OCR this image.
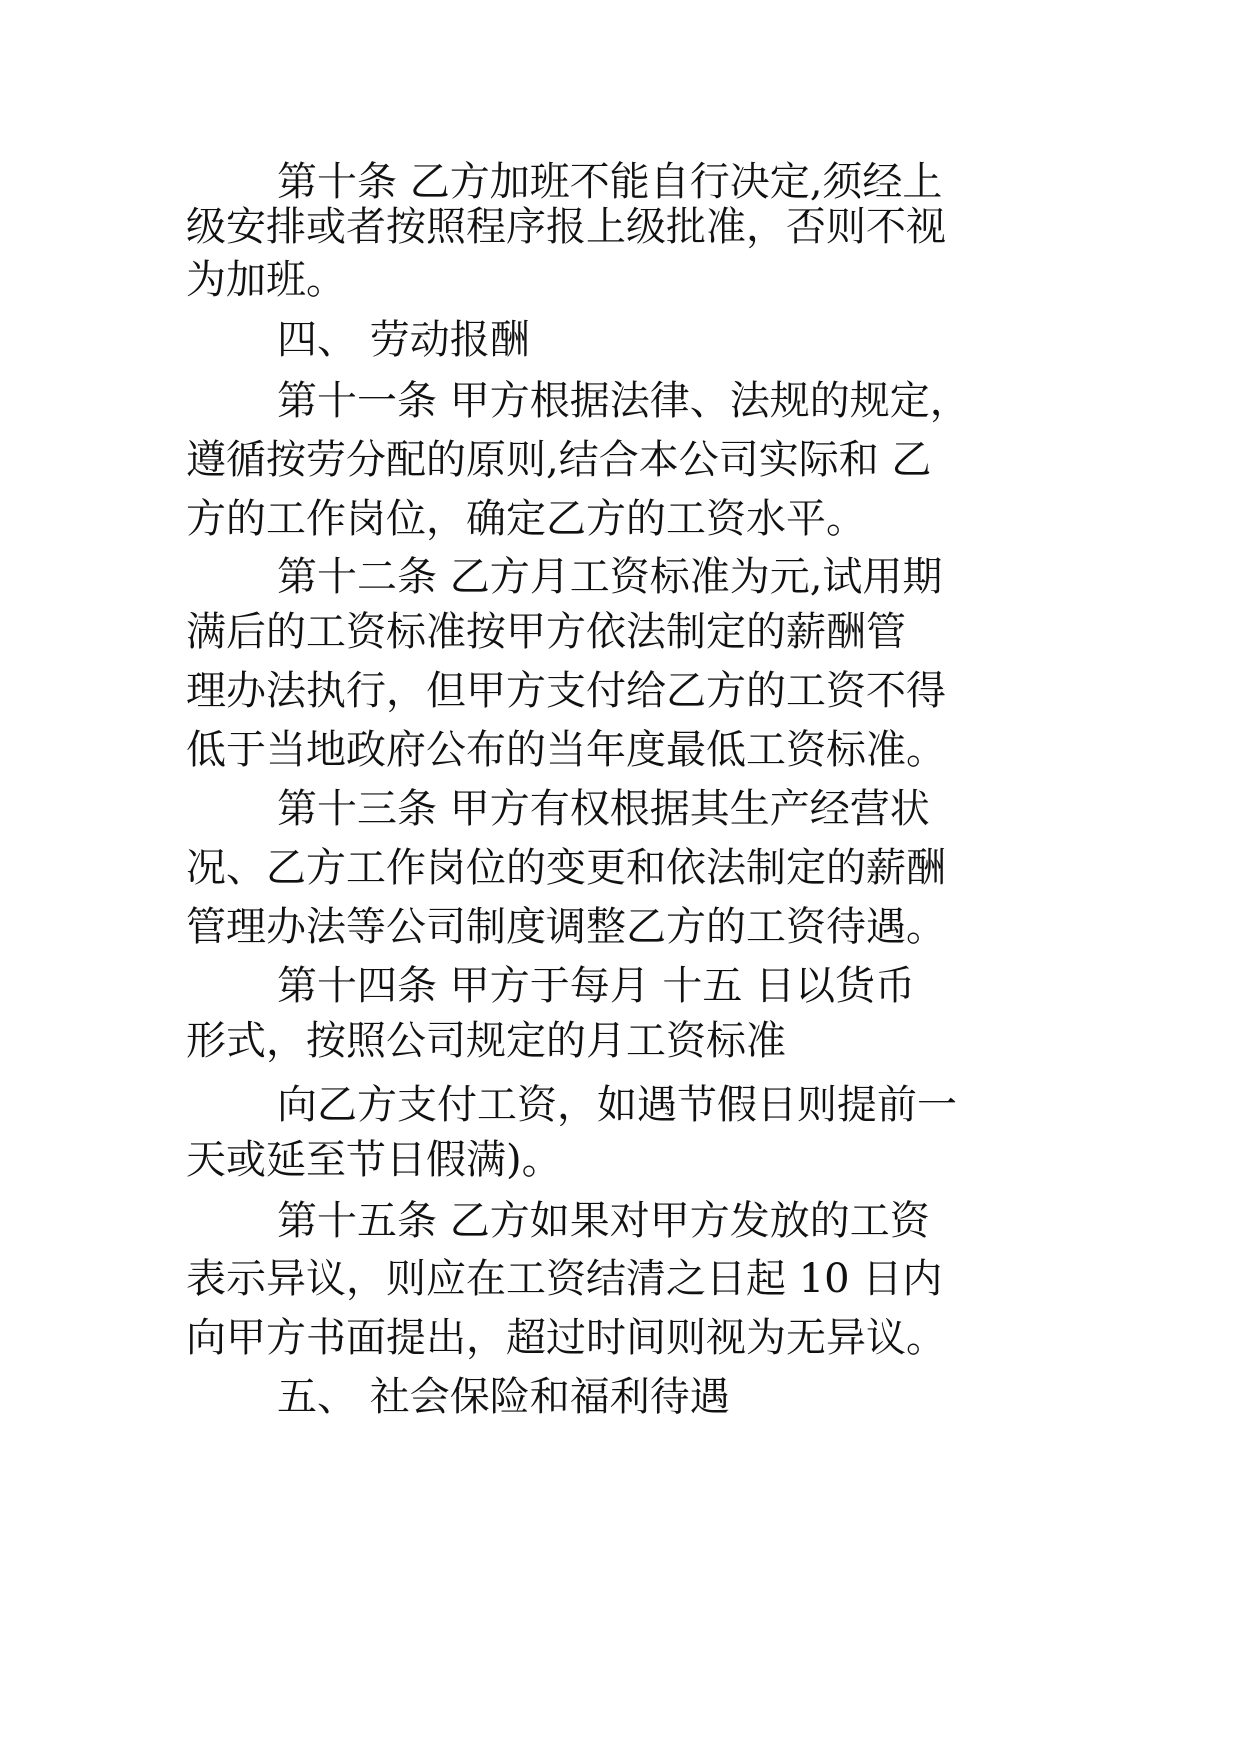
第十条 乙方加班不能自行决定,须经上
级安排或者按照程序报上级批准，否则不视
为加班。
四、 劳动报酬
第十一条 甲方根据法律、法规的规定，
遵循按劳分配的原则,结合本公司实际和 乙
方的工作岗位，确定乙方的工资水平。
第十二条 乙方月工资标准为元,试用期
满后的工资标准按甲方依法制定的薪酬管
理办法执行，但甲方支付给乙方的工资不得
低于当地政府公布的当年度最低工资标准。
第十三条 甲方有权根据其生产经营状
况、乙方工作岗位的变更和依法制定的薪酬
管理办法等公司制度调整乙方的工资待遇。
第十四条 甲方于每月 十五 日以货币
形式，按照公司规定的月工资标准
向乙方支付工资，如遇节假日则提前一
天或延至节日假满)。
第十五条 乙方如果对甲方发放的工资
表示异议，则应在工资结清之日起 10 日内
向甲方书面提出，超过时间则视为无异议。
五、 社会保险和福利待遇
